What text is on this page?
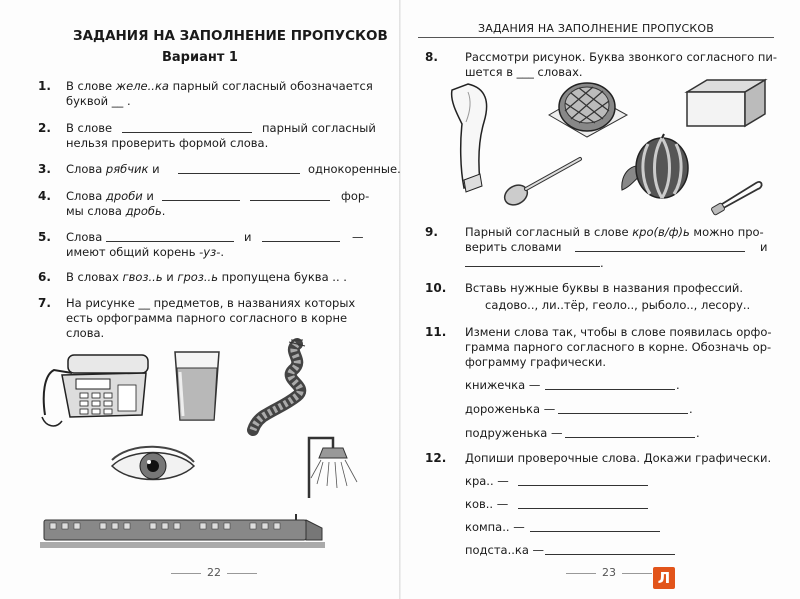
ЗАДАНИЯ НА ЗАПОЛНЕНИЕ ПРОПУСКОВ
Вариант 1
1. В слове желе..ка парный согласный обозначается
буквой __ .
2. В слове	парный согласный
нельзя проверить формой слова.
3. Слова рябчик и	однокоренные.
4. Слова дроби и	фор-
мы слова дробь.
5. Слова	и	—
имеют общий корень -уз-.
6. В словах гвоз..ь и гроз..ь пропущена буква .. .
7. На рисунке __ предметов, в названиях которых
есть орфограмма парного согласного в корне
слова.
22
ЗАДАНИЯ НА ЗАПОЛНЕНИЕ ПРОПУСКОВ
8. Рассмотри рисунок. Буква звонкого согласного пи-
шется в ___ словах.
9. Парный согласный в слове кро(в/ф)ь можно про-
верить словами	и
.
10. Вставь нужные буквы в названия профессий.
садово.., ли..тёр, геоло.., рыболо.., лесору..
11. Измени слова так, чтобы в слове появилась орфо-
грамма парного согласного в корне. Обозначь ор-
фограмму графически.
книжечка —	.
дороженька —	.
подруженька —	.
12. Допиши проверочные слова. Докажи графически.
кра.. —
ков.. —
компа.. —
подста..ка —
23	Л
